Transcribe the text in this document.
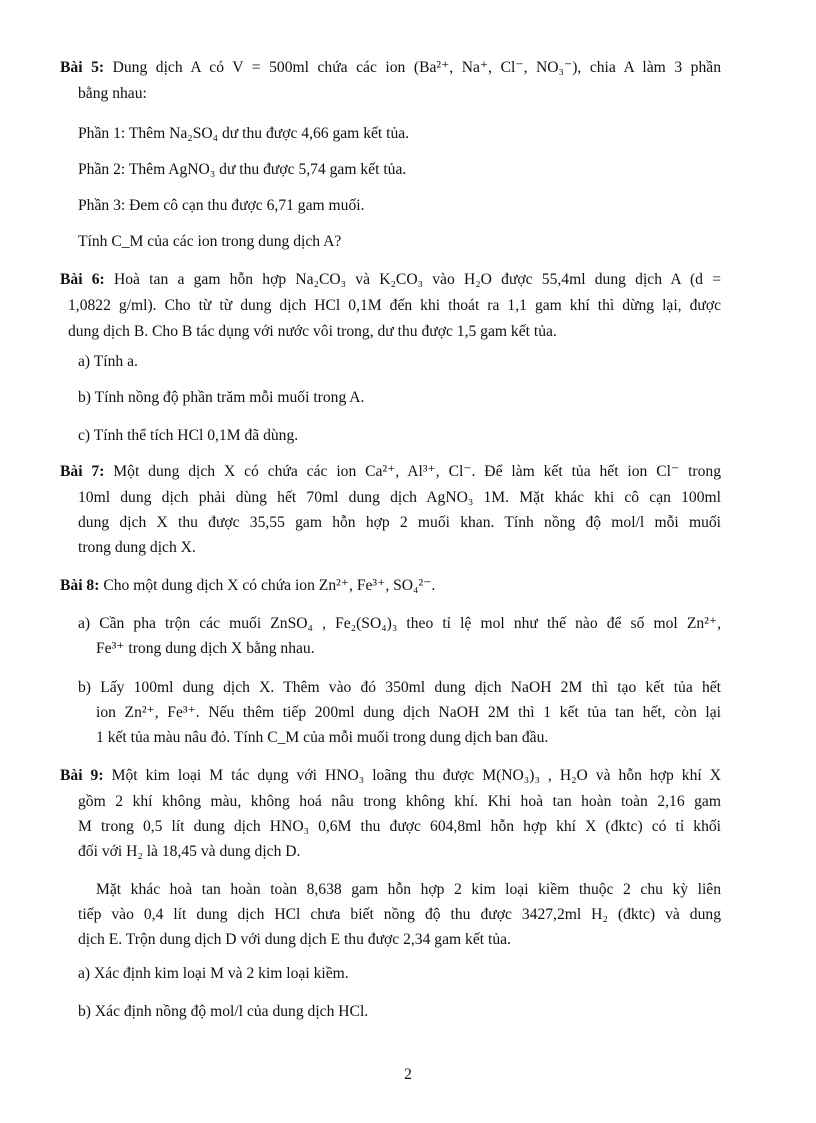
Bài 5: Dung dịch A có V = 500ml chứa các ion (Ba²⁺, Na⁺, Cl⁻, NO₃⁻), chia A làm 3 phần
bằng nhau:
Phần 1: Thêm Na₂SO₄ dư thu được 4,66 gam kết tủa.
Phần 2: Thêm AgNO₃ dư thu được 5,74 gam kết tủa.
Phần 3: Đem cô cạn thu được 6,71 gam muối.
Tính C_M của các ion trong dung dịch A?
Bài 6: Hoà tan a gam hỗn hợp Na₂CO₃ và K₂CO₃ vào H₂O được 55,4ml dung dịch A (d =
1,0822 g/ml). Cho từ từ dung dịch HCl 0,1M đến khi thoát ra 1,1 gam khí thì dừng lại, được
dung dịch B. Cho B tác dụng với nước vôi trong, dư thu được 1,5 gam kết tủa.
a) Tính a.
b) Tính nồng độ phần trăm mỗi muối trong A.
c) Tính thể tích HCl 0,1M đã dùng.
Bài 7: Một dung dịch X có chứa các ion Ca²⁺, Al³⁺, Cl⁻. Để làm kết tủa hết ion Cl⁻ trong
10ml dung dịch phải dùng hết 70ml dung dịch AgNO₃ 1M. Mặt khác khi cô cạn 100ml
dung dịch X thu được 35,55 gam hỗn hợp 2 muối khan. Tính nồng độ mol/l mỗi muối
trong dung dịch X.
Bài 8: Cho một dung dịch X có chứa ion Zn²⁺, Fe³⁺, SO₄²⁻.
a) Cần pha trộn các muối ZnSO₄ , Fe₂(SO₄)₃ theo tỉ lệ mol như thế nào để số mol Zn²⁺,
Fe³⁺ trong dung dịch X bằng nhau.
b) Lấy 100ml dung dịch X. Thêm vào đó 350ml dung dịch NaOH 2M thì tạo kết tủa hết
ion Zn²⁺, Fe³⁺. Nếu thêm tiếp 200ml dung dịch NaOH 2M thì 1 kết tủa tan hết, còn lại
1 kết tủa màu nâu đỏ. Tính C_M của mỗi muối trong dung dịch ban đầu.
Bài 9: Một kim loại M tác dụng với HNO₃ loãng thu được M(NO₃)₃ , H₂O và hỗn hợp khí X
gồm 2 khí không màu, không hoá nâu trong không khí. Khi hoà tan hoàn toàn 2,16 gam
M trong 0,5 lít dung dịch HNO₃ 0,6M thu được 604,8ml hỗn hợp khí X (đktc) có tỉ khối
đối với H₂ là 18,45 và dung dịch D.
Mặt khác hoà tan hoàn toàn 8,638 gam hỗn hợp 2 kim loại kiềm thuộc 2 chu kỳ liên
tiếp vào 0,4 lít dung dịch HCl chưa biết nồng độ thu được 3427,2ml H₂ (đktc) và dung
dịch E. Trộn dung dịch D với dung dịch E thu được 2,34 gam kết tủa.
a) Xác định kim loại M và 2 kim loại kiềm.
b) Xác định nồng độ mol/l của dung dịch HCl.
2
